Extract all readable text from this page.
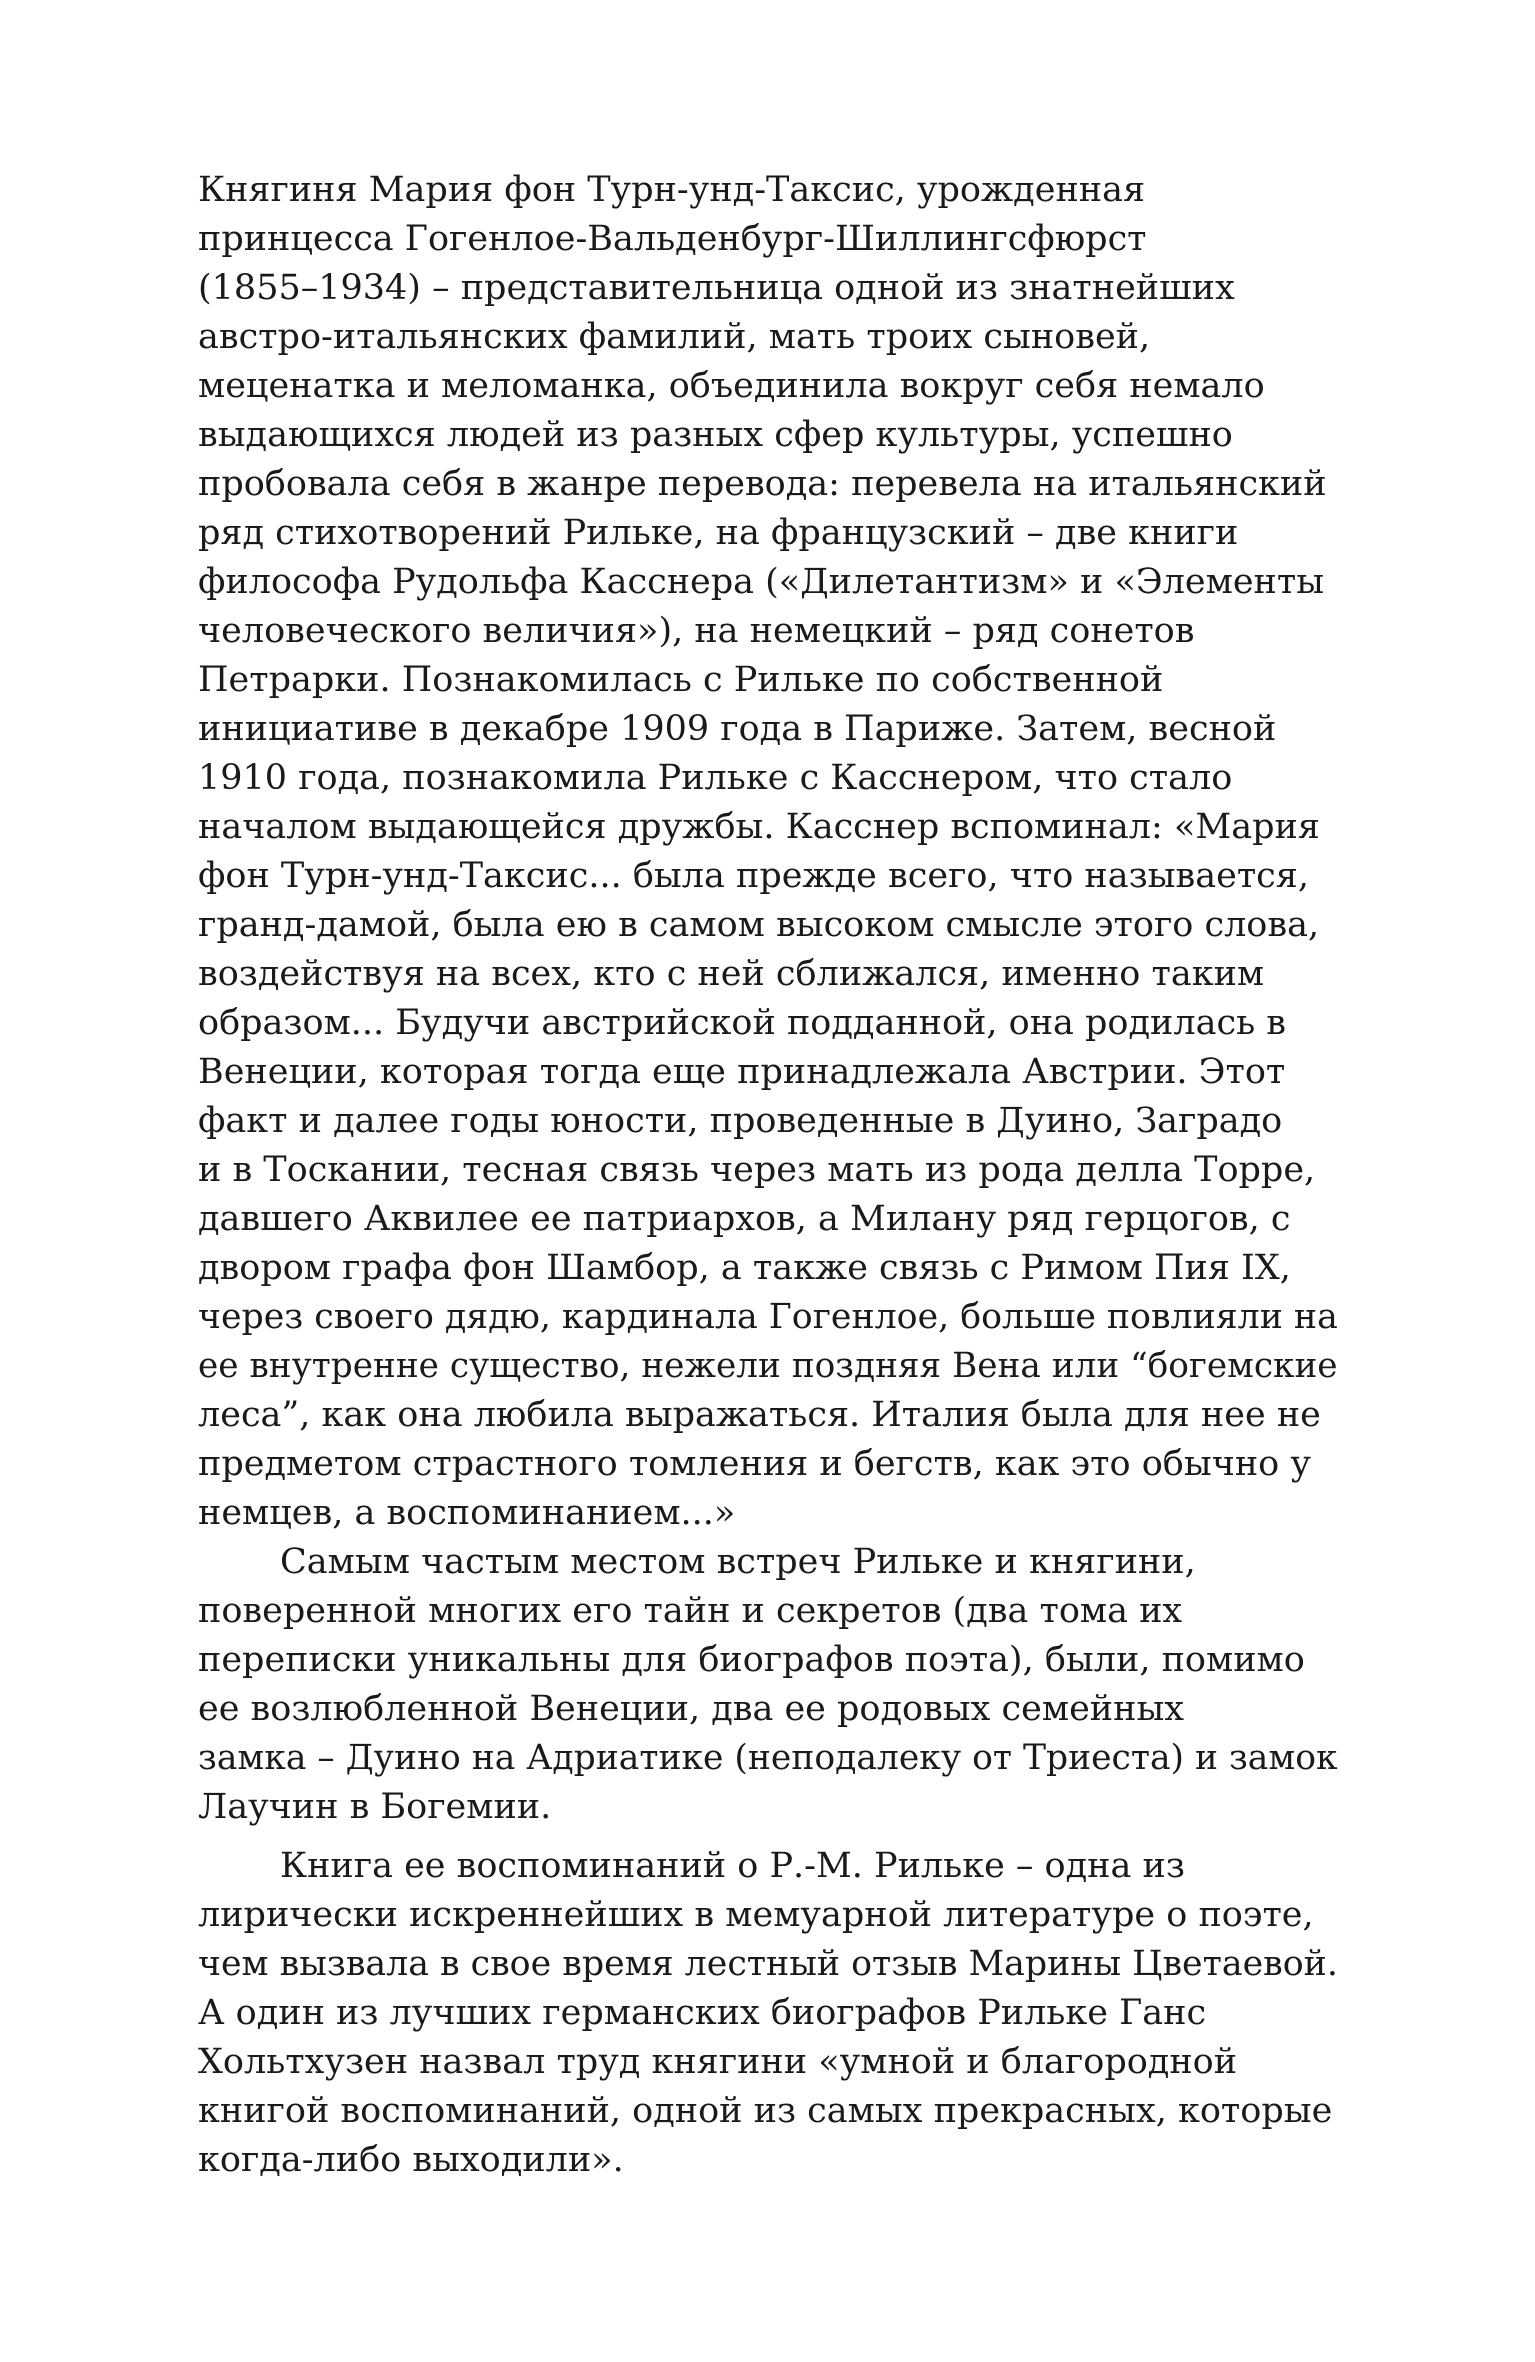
Княгиня Мария фон Турн-унд-Таксис, урожденная
принцесса Гогенлое-Вальденбург-Шиллингсфюрст
(1855–1934) – представительница одной из знатнейших
австро-итальянских фамилий, мать троих сыновей,
меценатка и меломанка, объединила вокруг себя немало
выдающихся людей из разных сфер культуры, успешно
пробовала себя в жанре перевода: перевела на итальянский
ряд стихотворений Рильке, на французский – две книги
философа Рудольфа Касснера («Дилетантизм» и «Элементы
человеческого величия»), на немецкий – ряд сонетов
Петрарки. Познакомилась с Рильке по собственной
инициативе в декабре 1909 года в Париже. Затем, весной
1910 года, познакомила Рильке с Касснером, что стало
началом выдающейся дружбы. Касснер вспоминал: «Мария
фон Турн-унд-Таксис... была прежде всего, что называется,
гранд-дамой, была ею в самом высоком смысле этого слова,
воздействуя на всех, кто с ней сближался, именно таким
образом... Будучи австрийской подданной, она родилась в
Венеции, которая тогда еще принадлежала Австрии. Этот
факт и далее годы юности, проведенные в Дуино, Заградо
и в Тоскании, тесная связь через мать из рода делла Торре,
давшего Аквилее ее патриархов, а Милану ряд герцогов, с
двором графа фон Шамбор, а также связь с Римом Пия IX,
через своего дядю, кардинала Гогенлое, больше повлияли на
ее внутренне существо, нежели поздняя Вена или “богемские
леса”, как она любила выражаться. Италия была для нее не
предметом страстного томления и бегств, как это обычно у
немцев, а воспоминанием...»
Самым частым местом встреч Рильке и княгини,
поверенной многих его тайн и секретов (два тома их
переписки уникальны для биографов поэта), были, помимо
ее возлюбленной Венеции, два ее родовых семейных
замка – Дуино на Адриатике (неподалеку от Триеста) и замок
Лаучин в Богемии.
Книга ее воспоминаний о Р.-М. Рильке – одна из
лирически искреннейших в мемуарной литературе о поэте,
чем вызвала в свое время лестный отзыв Марины Цветаевой.
А один из лучших германских биографов Рильке Ганс
Хольтхузен назвал труд княгини «умной и благородной
книгой воспоминаний, одной из самых прекрасных, которые
когда-либо выходили».
